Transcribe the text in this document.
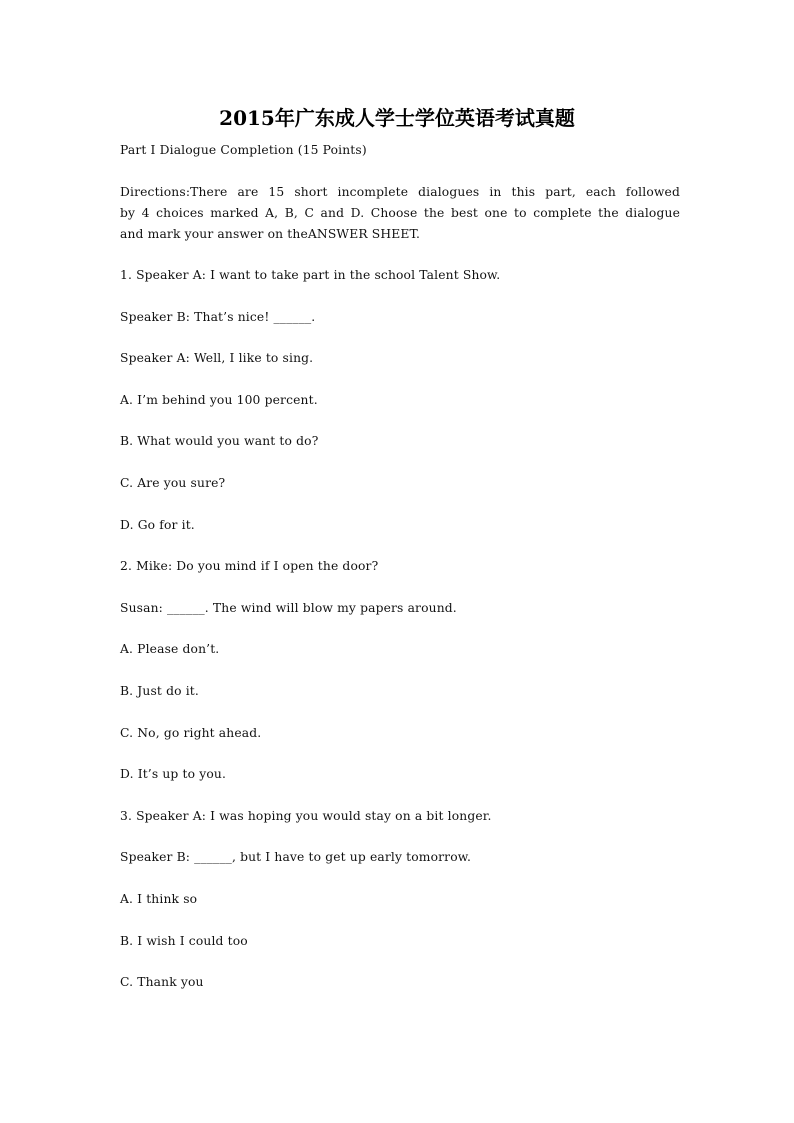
2015年广东成人学士学位英语考试真题
Part I Dialogue Completion (15 Points)
Directions:There are 15 short incomplete dialogues in this part, each followed
by 4 choices marked A, B, C and D. Choose the best one to complete the dialogue
and mark your answer on theANSWER SHEET.
1. Speaker A: I want to take part in the school Talent Show.
Speaker B: That’s nice! ______.
Speaker A: Well, I like to sing.
A. I’m behind you 100 percent.
B. What would you want to do?
C. Are you sure?
D. Go for it.
2. Mike: Do you mind if I open the door?
Susan: ______. The wind will blow my papers around.
A. Please don’t.
B. Just do it.
C. No, go right ahead.
D. It’s up to you.
3. Speaker A: I was hoping you would stay on a bit longer.
Speaker B: ______, but I have to get up early tomorrow.
A. I think so
B. I wish I could too
C. Thank you
